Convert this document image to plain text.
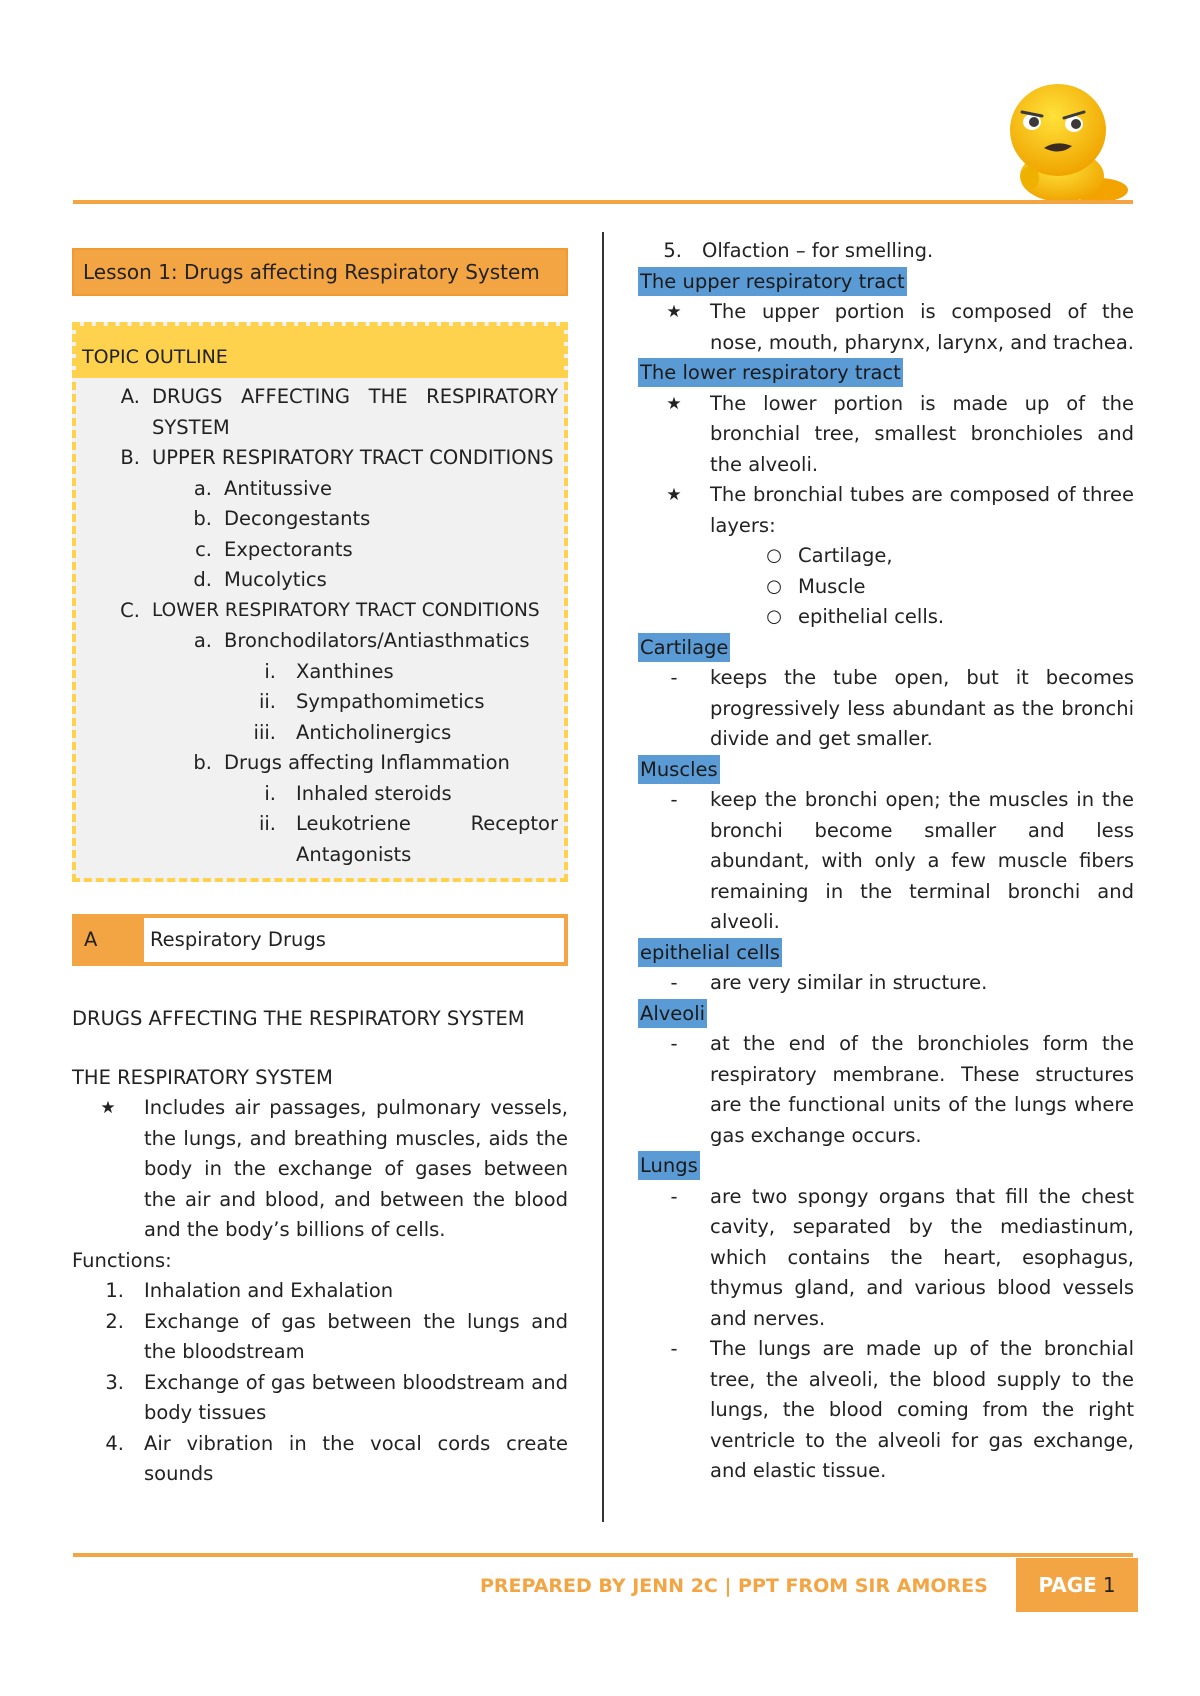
Lesson 1: Drugs affecting Respiratory System
TOPIC OUTLINE
A. DRUGS AFFECTING THE RESPIRATORY SYSTEM
B. UPPER RESPIRATORY TRACT CONDITIONS
a. Antitussive
b. Decongestants
c. Expectorants
d. Mucolytics
C. LOWER RESPIRATORY TRACT CONDITIONS
a. Bronchodilators/Antiasthmatics
i.	Xanthines
ii.	Sympathomimetics
iii.	Anticholinergics
b. Drugs affecting Inflammation
i.	Inhaled steroids
ii.	Leukotriene Receptor Antagonists
A	Respiratory Drugs
DRUGS AFFECTING THE RESPIRATORY SYSTEM
THE RESPIRATORY SYSTEM
★	Includes air passages, pulmonary vessels, the lungs, and breathing muscles, aids the body in the exchange of gases between the air and blood, and between the blood and the body’s billions of cells.
Functions:
1.	Inhalation and Exhalation
2.	Exchange of gas between the lungs and the bloodstream
3.	Exchange of gas between bloodstream and body tissues
4.	Air vibration in the vocal cords create sounds
5.	Olfaction – for smelling.
The upper respiratory tract
★	The upper portion is composed of the nose, mouth, pharynx, larynx, and trachea.
The lower respiratory tract
★	The lower portion is made up of the bronchial tree, smallest bronchioles and the alveoli.
★	The bronchial tubes are composed of three layers:
○ Cartilage,
○ Muscle
○ epithelial cells.
Cartilage
-	keeps the tube open, but it becomes progressively less abundant as the bronchi divide and get smaller.
Muscles
-	keep the bronchi open; the muscles in the bronchi become smaller and less abundant, with only a few muscle fibers remaining in the terminal bronchi and alveoli.
epithelial cells
-	are very similar in structure.
Alveoli
-	at the end of the bronchioles form the respiratory membrane. These structures are the functional units of the lungs where gas exchange occurs.
Lungs
-	are two spongy organs that fill the chest cavity, separated by the mediastinum, which contains the heart, esophagus, thymus gland, and various blood vessels and nerves.
-	The lungs are made up of the bronchial tree, the alveoli, the blood supply to the lungs, the blood coming from the right ventricle to the alveoli for gas exchange, and elastic tissue.
PREPARED BY JENN 2C | PPT FROM SIR AMORES	PAGE 1
